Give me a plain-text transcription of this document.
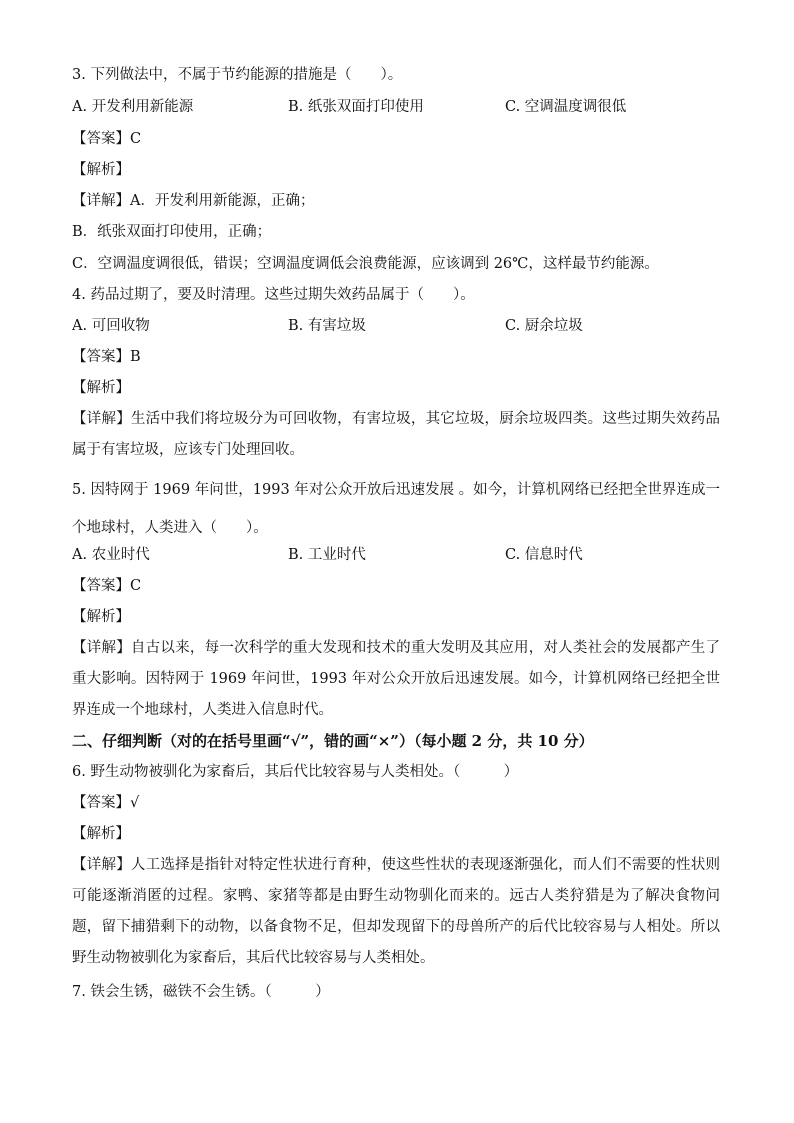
3. 下列做法中，不属于节约能源的措施是（　　）。
A. 开发利用新能源	B. 纸张双面打印使用	C. 空调温度调很低
【答案】C
【解析】
【详解】A．开发利用新能源，正确；
B．纸张双面打印使用，正确；
C．空调温度调很低，错误；空调温度调低会浪费能源，应该调到 26℃，这样最节约能源。
4. 药品过期了，要及时清理。这些过期失效药品属于（　　）。
A. 可回收物	B. 有害垃圾	C. 厨余垃圾
【答案】B
【解析】
【详解】生活中我们将垃圾分为可回收物，有害垃圾，其它垃圾，厨余垃圾四类。这些过期失效药品属于有害垃圾，应该专门处理回收。
5. 因特网于 1969 年问世，1993 年对公众开放后迅速发展 。如今，计算机网络已经把全世界连成一个地球村，人类进入（　　）。
A. 农业时代	B. 工业时代	C. 信息时代
【答案】C
【解析】
【详解】自古以来，每一次科学的重大发现和技术的重大发明及其应用，对人类社会的发展都产生了重大影响。因特网于 1969 年问世，1993 年对公众开放后迅速发展。如今，计算机网络已经把全世界连成一个地球村，人类进入信息时代。
二、仔细判断（对的在括号里画“√”，错的画“×”）（每小题 2 分，共 10 分）
6. 野生动物被驯化为家畜后，其后代比较容易与人类相处。（　　　）
【答案】√
【解析】
【详解】人工选择是指针对特定性状进行育种，使这些性状的表现逐渐强化，而人们不需要的性状则可能逐渐消匿的过程。家鸭、家猪等都是由野生动物驯化而来的。远古人类狩猎是为了解决食物问题，留下捕猎剩下的动物，以备食物不足，但却发现留下的母兽所产的后代比较容易与人相处。所以野生动物被驯化为家畜后，其后代比较容易与人类相处。
7. 铁会生锈，磁铁不会生锈。（　　　）
